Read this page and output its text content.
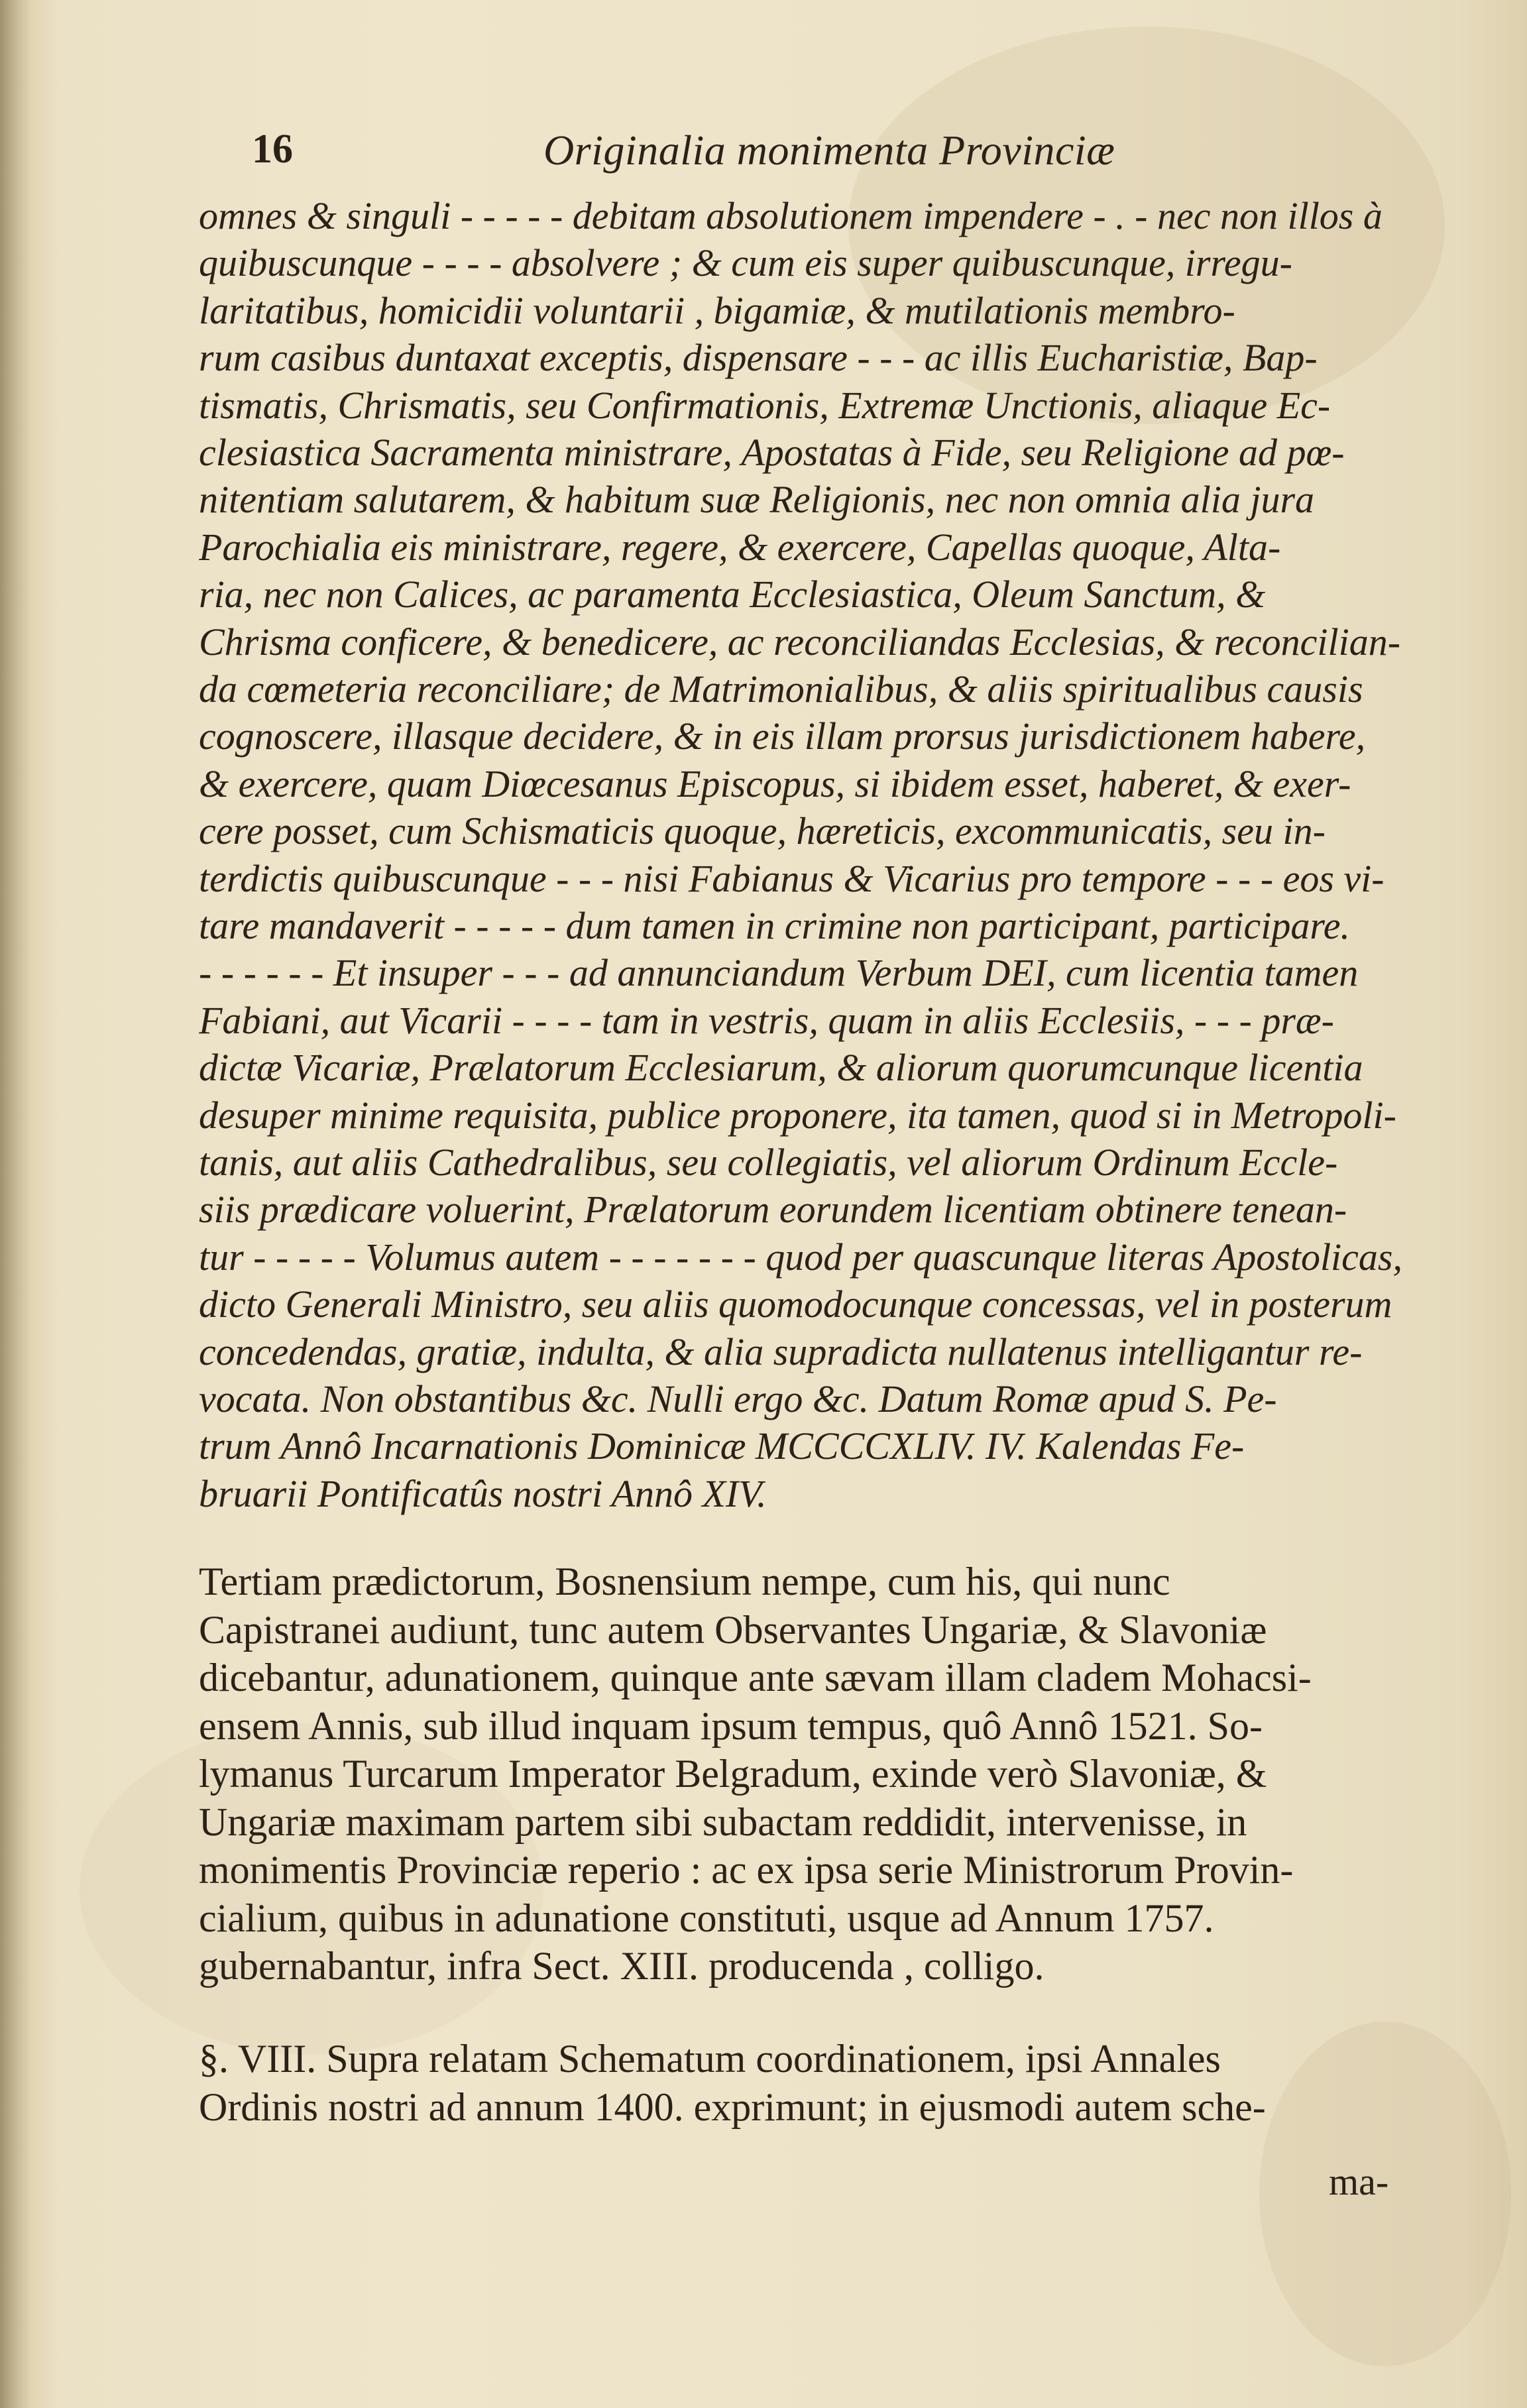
16	Originalia monimenta Provinciæ
omnes & singuli - - - - - debitam absolutionem impendere - . - nec non illos à
quibuscunque - - - - absolvere ; & cum eis super quibuscunque, irregu-
laritatibus, homicidii voluntarii , bigamiæ, & mutilationis membro-
rum casibus duntaxat exceptis, dispensare - - - ac illis Eucharistiæ, Bap-
tismatis, Chrismatis, seu Confirmationis, Extremæ Unctionis, aliaque Ec-
clesiastica Sacramenta ministrare, Apostatas à Fide, seu Religione ad pœ-
nitentiam salutarem, & habitum suæ Religionis, nec non omnia alia jura
Parochialia eis ministrare, regere, & exercere, Capellas quoque, Alta-
ria, nec non Calices, ac paramenta Ecclesiastica, Oleum Sanctum, &
Chrisma conficere, & benedicere, ac reconciliandas Ecclesias, & reconcilian-
da cœmeteria reconciliare; de Matrimonialibus, & aliis spiritualibus causis
cognoscere, illasque decidere, & in eis illam prorsus jurisdictionem habere,
& exercere, quam Diœcesanus Episcopus, si ibidem esset, haberet, & exer-
cere posset, cum Schismaticis quoque, hæreticis, excommunicatis, seu in-
terdictis quibuscunque - - - nisi Fabianus & Vicarius pro tempore - - - eos vi-
tare mandaverit - - - - - dum tamen in crimine non participant, participare.
- - - - - - Et insuper - - - ad annunciandum Verbum DEI, cum licentia tamen
Fabiani, aut Vicarii - - - - tam in vestris, quam in aliis Ecclesiis, - - - præ-
dictæ Vicariæ, Prælatorum Ecclesiarum, & aliorum quorumcunque licentia
desuper minime requisita, publice proponere, ita tamen, quod si in Metropoli-
tanis, aut aliis Cathedralibus, seu collegiatis, vel aliorum Ordinum Eccle-
siis prædicare voluerint, Prælatorum eorundem licentiam obtinere tenean-
tur - - - - - Volumus autem - - - - - - - quod per quascunque literas Apostolicas,
dicto Generali Ministro, seu aliis quomodocunque concessas, vel in posterum
concedendas, gratiæ, indulta, & alia supradicta nullatenus intelligantur re-
vocata. Non obstantibus &c. Nulli ergo &c. Datum Romæ apud S. Pe-
trum Annô Incarnationis Dominicæ MCCCCXLIV. IV. Kalendas Fe-
bruarii Pontificatûs nostri Annô XIV.
Tertiam prædictorum, Bosnensium nempe, cum his, qui nunc
Capistranei audiunt, tunc autem Observantes Ungariæ, & Slavoniæ
dicebantur, adunationem, quinque ante sævam illam cladem Mohacsi-
ensem Annis, sub illud inquam ipsum tempus, quô Annô 1521. So-
lymanus Turcarum Imperator Belgradum, exinde verò Slavoniæ, &
Ungariæ maximam partem sibi subactam reddidit, intervenisse, in
monimentis Provinciæ reperio : ac ex ipsa serie Ministrorum Provin-
cialium, quibus in adunatione constituti, usque ad Annum 1757.
gubernabantur, infra Sect. XIII. producenda , colligo.
§. VIII. Supra relatam Schematum coordinationem, ipsi Annales
Ordinis nostri ad annum 1400. exprimunt; in ejusmodi autem sche-
ma-
